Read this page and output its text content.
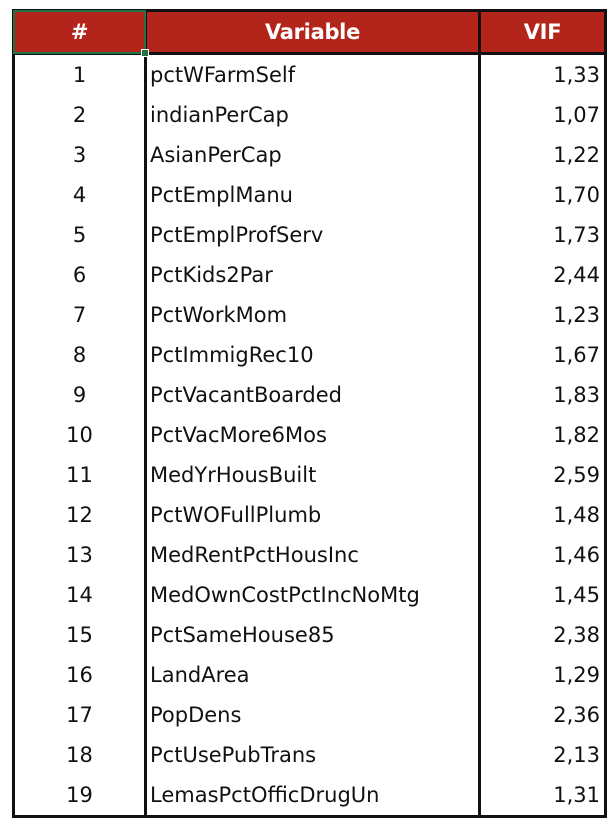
#	Variable	VIF
1	pctWFarmSelf	1,33
2	indianPerCap	1,07
3	AsianPerCap	1,22
4	PctEmplManu	1,70
5	PctEmplProfServ	1,73
6	PctKids2Par	2,44
7	PctWorkMom	1,23
8	PctImmigRec10	1,67
9	PctVacantBoarded	1,83
10	PctVacMore6Mos	1,82
11	MedYrHousBuilt	2,59
12	PctWOFullPlumb	1,48
13	MedRentPctHousInc	1,46
14	MedOwnCostPctIncNoMtg	1,45
15	PctSameHouse85	2,38
16	LandArea	1,29
17	PopDens	2,36
18	PctUsePubTrans	2,13
19	LemasPctOfficDrugUn	1,31
